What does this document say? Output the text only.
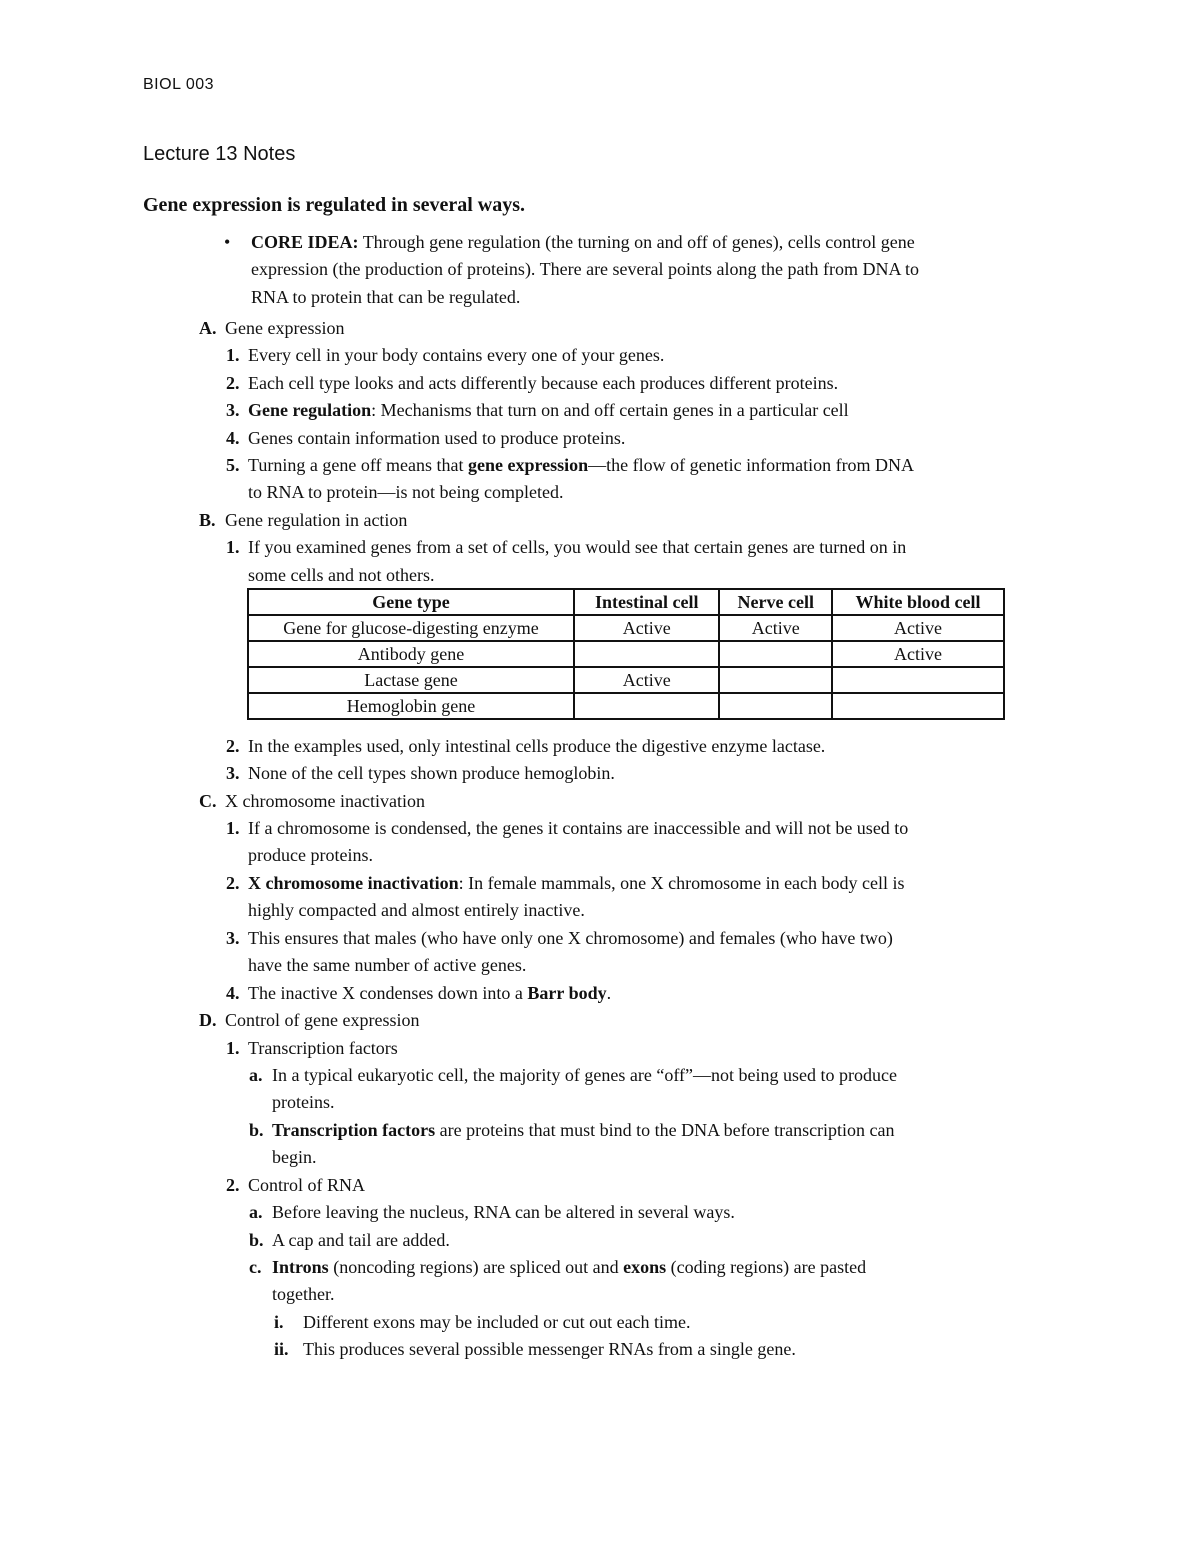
BIOL 003
Lecture 13 Notes
Gene expression is regulated in several ways.
• CORE IDEA: Through gene regulation (the turning on and off of genes), cells control gene
expression (the production of proteins). There are several points along the path from DNA to
RNA to protein that can be regulated.
A. Gene expression
1. Every cell in your body contains every one of your genes.
2. Each cell type looks and acts differently because each produces different proteins.
3. Gene regulation: Mechanisms that turn on and off certain genes in a particular cell
4. Genes contain information used to produce proteins.
5. Turning a gene off means that gene expression—the flow of genetic information from DNA
to RNA to protein—is not being completed.
B. Gene regulation in action
1. If you examined genes from a set of cells, you would see that certain genes are turned on in
some cells and not others.
Gene type	Intestinal cell	Nerve cell	White blood cell
Gene for glucose-digesting enzyme	Active	Active	Active
Antibody gene			Active
Lactase gene	Active		
Hemoglobin gene			
2. In the examples used, only intestinal cells produce the digestive enzyme lactase.
3. None of the cell types shown produce hemoglobin.
C. X chromosome inactivation
1. If a chromosome is condensed, the genes it contains are inaccessible and will not be used to
produce proteins.
2. X chromosome inactivation: In female mammals, one X chromosome in each body cell is
highly compacted and almost entirely inactive.
3. This ensures that males (who have only one X chromosome) and females (who have two)
have the same number of active genes.
4. The inactive X condenses down into a Barr body.
D. Control of gene expression
1. Transcription factors
a. In a typical eukaryotic cell, the majority of genes are “off”—not being used to produce
proteins.
b. Transcription factors are proteins that must bind to the DNA before transcription can
begin.
2. Control of RNA
a. Before leaving the nucleus, RNA can be altered in several ways.
b. A cap and tail are added.
c. Introns (noncoding regions) are spliced out and exons (coding regions) are pasted
together.
i. Different exons may be included or cut out each time.
ii. This produces several possible messenger RNAs from a single gene.
